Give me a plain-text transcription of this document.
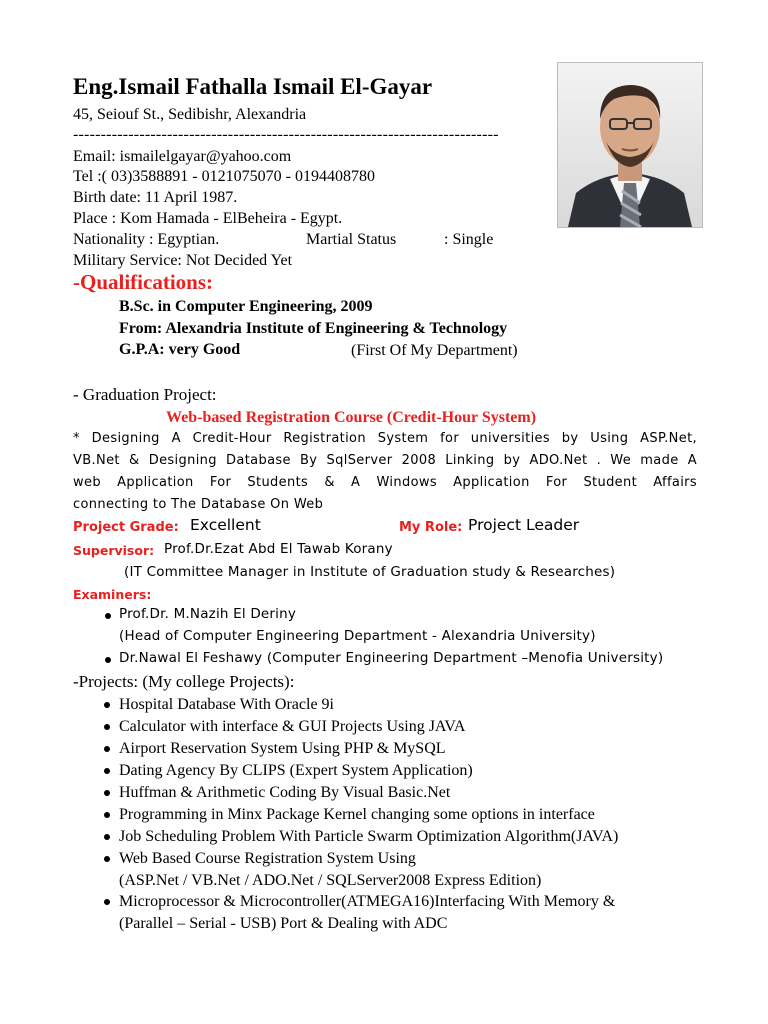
Eng.Ismail Fathalla Ismail El-Gayar
45, Seiouf St., Sedibishr, Alexandria
-----------------------------------------------------------------------------
Email: ismailelgayar@yahoo.com
Tel :( 03)3588891 - 0121075070 - 0194408780
Birth date: 11 April 1987.
Place : Kom Hamada - ElBeheira - Egypt.
Nationality : Egyptian.	Martial Status	: Single
Military Service: Not Decided Yet
-Qualifications:
B.Sc. in Computer Engineering, 2009
From: Alexandria Institute of Engineering & Technology
G.P.A: very Good	(First Of My Department)
- Graduation Project:
Web-based Registration Course (Credit-Hour System)
* Designing A Credit-Hour Registration System for universities by Using ASP.Net,
VB.Net & Designing Database By SqlServer 2008 Linking by ADO.Net . We made A
web Application For Students & A Windows Application For Student Affairs
connecting to The Database On Web
Project Grade: Excellent	My Role: Project Leader
Supervisor: Prof.Dr.Ezat Abd El Tawab Korany
(IT Committee Manager in Institute of Graduation study & Researches)
Examiners:
Prof.Dr. M.Nazih El Deriny
(Head of Computer Engineering Department - Alexandria University)
Dr.Nawal El Feshawy (Computer Engineering Department –Menofia University)
-Projects: (My college Projects):
Hospital Database With Oracle 9i
Calculator with interface & GUI Projects Using JAVA
Airport Reservation System Using PHP & MySQL
Dating Agency By CLIPS (Expert System Application)
Huffman & Arithmetic Coding By Visual Basic.Net
Programming in Minx Package Kernel changing some options in interface
Job Scheduling Problem With Particle Swarm Optimization Algorithm(JAVA)
Web Based Course Registration System Using
(ASP.Net / VB.Net / ADO.Net / SQLServer2008 Express Edition)
Microprocessor & Microcontroller(ATMEGA16)Interfacing With Memory &
(Parallel – Serial - USB) Port & Dealing with ADC
